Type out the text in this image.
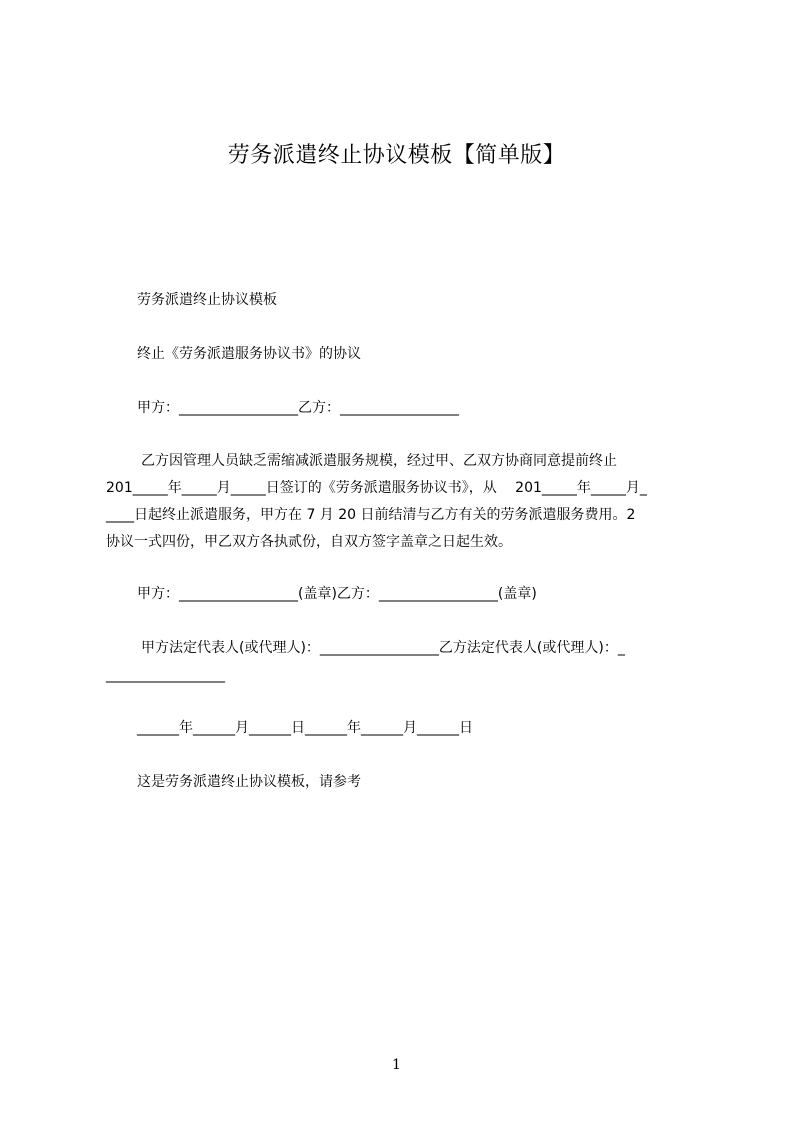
劳务派遣终止协议模板【简单版】
劳务派遣终止协议模板
终止《劳务派遣服务协议书》的协议
甲方：_________________乙方：_________________
乙方因管理人员缺乏需缩减派遣服务规模，经过甲、乙双方协商同意提前终止
201_____年_____月_____日签订的《劳务派遣服务协议书》，从　 201_____年_____月_
____日起终止派遣服务，甲方在 7 月 20 日前结清与乙方有关的劳务派遣服务费用。2
协议一式四份，甲乙双方各执贰份，自双方签字盖章之日起生效。
甲方：_________________(盖章)乙方：_________________(盖章)
甲方法定代表人(或代理人)：_________________乙方法定代表人(或代理人)：_
_________________
______年______月______日______年______月______日
这是劳务派遣终止协议模板，请参考
1
